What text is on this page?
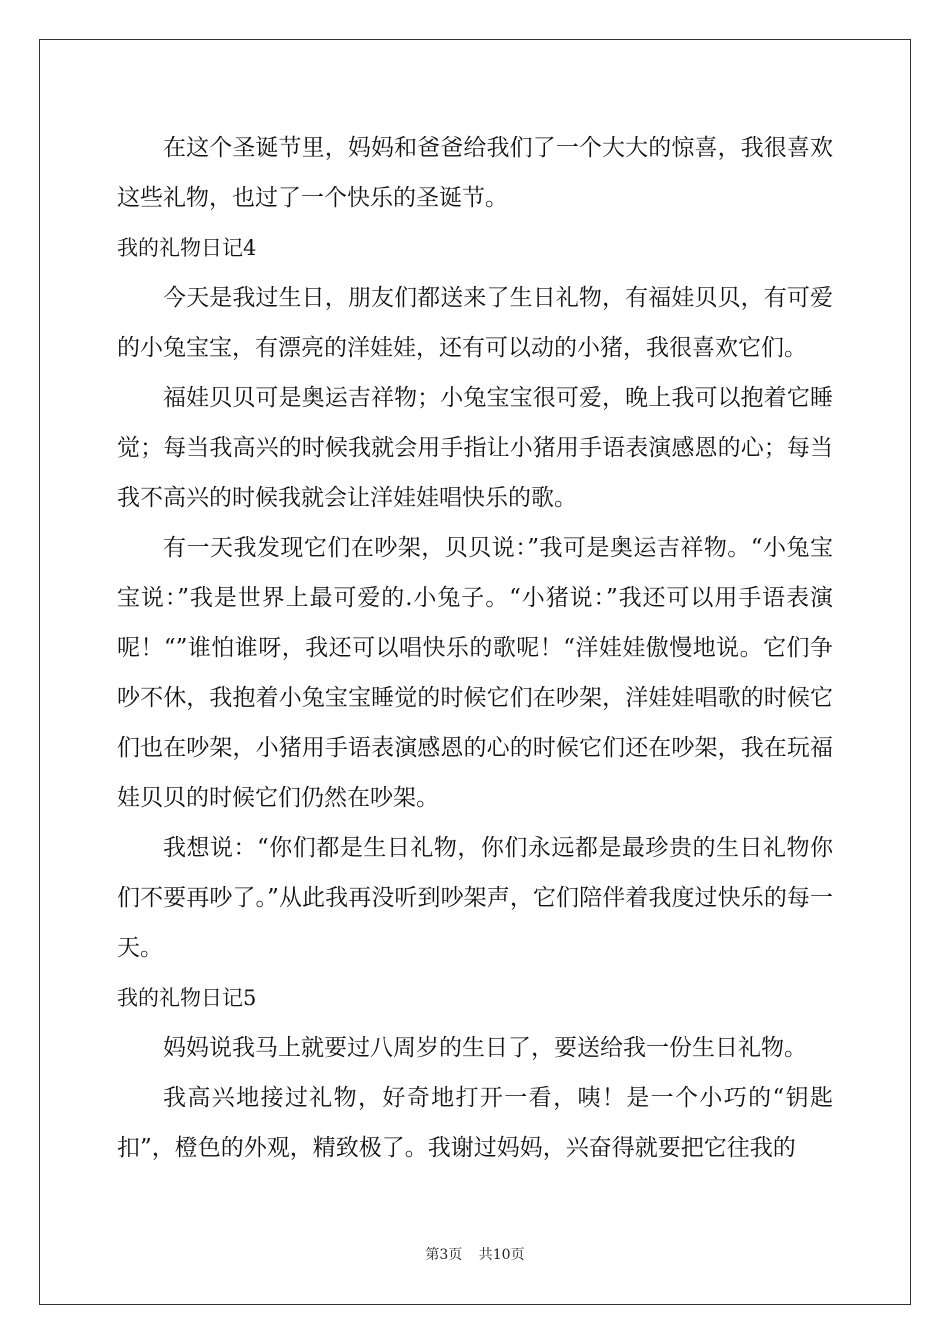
在这个圣诞节里，妈妈和爸爸给我们了一个大大的惊喜，我很喜欢这些礼物，也过了一个快乐的圣诞节。

我的礼物日记4

今天是我过生日，朋友们都送来了生日礼物，有福娃贝贝，有可爱的小兔宝宝，有漂亮的洋娃娃，还有可以动的小猪，我很喜欢它们。

福娃贝贝可是奥运吉祥物；小兔宝宝很可爱，晚上我可以抱着它睡觉；每当我高兴的时候我就会用手指让小猪用手语表演感恩的心；每当我不高兴的时候我就会让洋娃娃唱快乐的歌。

有一天我发现它们在吵架，贝贝说：”我可是奥运吉祥物。“小兔宝宝说：”我是世界上最可爱的.小兔子。“小猪说：”我还可以用手语表演呢！“”谁怕谁呀，我还可以唱快乐的歌呢！“洋娃娃傲慢地说。它们争吵不休，我抱着小兔宝宝睡觉的时候它们在吵架，洋娃娃唱歌的时候它们也在吵架，小猪用手语表演感恩的心的时候它们还在吵架，我在玩福娃贝贝的时候它们仍然在吵架。

我想说：“你们都是生日礼物，你们永远都是最珍贵的生日礼物你们不要再吵了。”从此我再没听到吵架声，它们陪伴着我度过快乐的每一天。

我的礼物日记5

妈妈说我马上就要过八周岁的生日了，要送给我一份生日礼物。

我高兴地接过礼物，好奇地打开一看，咦！是一个小巧的“钥匙扣”，橙色的外观，精致极了。我谢过妈妈，兴奋得就要把它往我的

第3页 共10页
